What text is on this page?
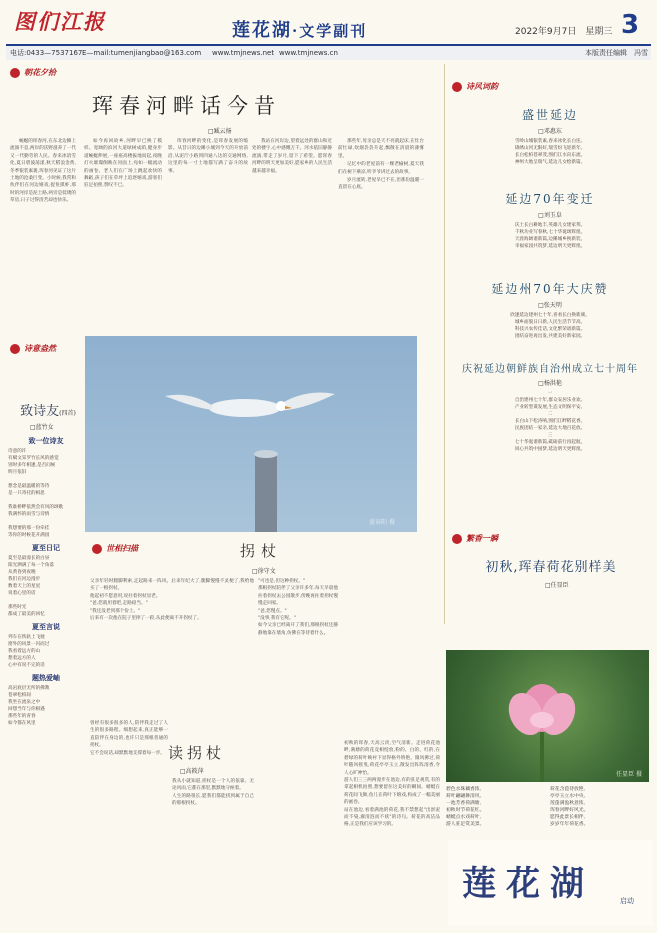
图们江报	莲花湖·文学副刊	2022年9月7日　星期三 3
电话:0433—7537167 E—mail:tumenjiangbao@163.com www.tmjnews.net www.tmjnews.cn	本版责任编辑　冯雪
朝花夕拾
珲春河畔话今昔
□臧云扬

蜿蜒的珲春河,在东北边陲上流淌不息,两岸的沃野滋养了一代又一代勤劳的人民。春来冰消雪化,夏日碧波荡漾,秋天稻浪金黄,冬季银装素裹,珲春河见证了这片土地的沧桑巨变。小时候,我常和伙伴们在河边嬉戏,捉鱼摸虾,那时的河岸是泥土路,两旁是低矮的草房,日子过得清苦却也快乐。

如今再回故乡,河畔早已换了模样。宽阔的滨河大道绿树成荫,健身步道蜿蜒伸展,一座座高楼拔地而起,夜晚灯火璀璨倒映在河面上,宛如一幅流动的画卷。老人们在广场上跳起欢快的舞蹈,孩子们在草坪上追逐嬉戏,游客们驻足拍照,赞叹不已。

珲春河畔的变化,是珲春发展的缩影。从昔日的边陲小城到今天的开放前沿,从泥泞小路到四通八达的交通网络,这里的每一寸土地都写满了奋斗的故事。

我站在河岸边,望着远处的群山和近处的楼宇,心中感慨万千。河水依旧静静流淌,带走了岁月,留下了希望。愿珲春河畔的明天更加美好,愿家乡的人民生活越来越幸福。

那些年,母亲总是天不亮就起床,在灶台前忙碌,炊烟袅袅升起,飘散在清晨的薄雾里。

记忆中的老屋前有一棵老榆树,夏天我们在树下乘凉,听爷爷讲过去的故事。

岁月流转,老屋早已不在,但那份温暖一直留在心底。

翟春阳 摄
诗意盎然
致诗友(四首)
□蓝竹女
致一位诗友
诗意的许
有赋文采罗竹长风的感觉
别时多年相逢,是否问候
明月依旧

想念是最温暖的等待
是一只寄托的相思

我谁桥畔依然会有风的颂歌
我满怀的雨雪与诗情

我想要的那一份牵挂
等你的时候花开满园
夏至日记
夏至是最漫长的白昼
阳光洒满了每一个角落
从黄昏到夜晚
我们在河边漫步
数着天上的星星
说着心里的话

那些时光
都成了最美的回忆
夏至言说
列车在铁轨上飞驰
窗外的风景一闪而过
我看着远方的山
想着远方的人
心中有说不完的话
题热爱岫
高岩底层无所的佛教
苍翠松柏间
我坐在流泉之中
回想当年与你相遇
那些年的青春
如今都在风里
世相扫描	拐杖
□徐守文
父亲年轻时腿脚利索,走起路来一阵风。后来年纪大了,腿脚慢慢不灵便了,我给他买了一根拐杖。
他起初不愿意用,说拄着拐杖显老。
"爸,您就用着吧,走路稳当。"
"我还没老到那个份上。"
后来有一次他在院子里摔了一跤,从此便离不开拐杖了。
"可也是,但这种拐杖。"
那根拐杖陪伴了父亲许多年,每天早晨他拄着拐杖去公园散步,傍晚再拄着拐杖慢慢走回家。
"爸,您慢点。"
"没事,我有它呢。"
如今父亲已经离开了我们,那根拐杖还静静地靠在墙角,仿佛在等待着什么。
读拐杖
□高筱萍
曾经有很多很多的人,陪伴我走过了人生的很多路程。细想起来,真正能够一直陪伴在身边的,也许只是那根普通的拐杖。
它不会说话,却默默地支撑着每一步。
我从小就知道,拐杖是一个人的依靠。无论风雨,它都在那里,默默地守候着。
人生的路很长,愿我们都能找到属于自己的那根拐杖。
初秋的珲春,天高云淡,空气清新。走进荷花池畔,满塘的荷花竞相绽放,粉的、白的、红的,在碧绿的荷叶映衬下显得格外娇艳。微风拂过,荷叶随风摇曳,荷花亭亭玉立,散发出阵阵清香,令人心旷神怡。
游人们三三两两漫步在池边,有的驻足观赏,有的拿起相机拍照,想要留住这美好的瞬间。蜻蜓在荷花间飞舞,鱼儿在荷叶下嬉戏,构成了一幅美丽的画卷。
站在池边,看着满池的荷花,我不禁想起"出淤泥而不染,濯清涟而不妖"的诗句。荷花的高洁品格,正是我们应该学习的。
诗风词韵
盛世延边
□邓惠东
雪岭山城银装素,春来冰化长白连。
锦绣山河无限好,瑞雪纷飞迎新年。
长白松柏苍翠茂,图们江水向东流。
神州大地呈瑞气,延边儿女绘新篇。
延边70年变迁
□刘玉阜
沃土长白耕地丰,英雄儿女建家邦。
千秋功业写春秋,七十华诞颂辉煌。
天涯海阔谱新篇,边陲城乡换新装。
幸福家园共筑梦,延边明天更辉煌。
延边州70年大庆赞
□张天明
欣逢延边建州七十年,喜看长白换新颜。
城乡面貌日日新,人民生活节节高。
科技兴农传佳话,文化繁荣谱新篇。
团结奋进再出发,共建美好新家园。
庆祝延边朝鲜族自治州成立七十周年
□杨洪艳
一
自治建州七十年,群众安居乐业欢。
产业转型谋发展,生态文明保平安。
二
长白山下松涛响,图们江畔稻花香。
民族团结一家亲,延边大地百花放。
三
七十华诞谱新篇,砥砺前行再起航。
同心共筑中国梦,延边明天更辉煌。
繁香一瞬
初秋,珲春荷花别样美
□任显臣
任显臣 摄
碧色水珠藕香浓,
荷叶翩翩舞清风,
一池芳香荷满塘,
初秋时节荷花红。
蜻蜓点水戏荷叶,
游人驻足赏美景。
荷花含苞待放艳,
亭亭玉立水中央,
莲蓬满盈秋意浓,
珲春河畔好风光。
愿得此景长相伴,
岁岁年年荷花香。
莲花湖	启动
